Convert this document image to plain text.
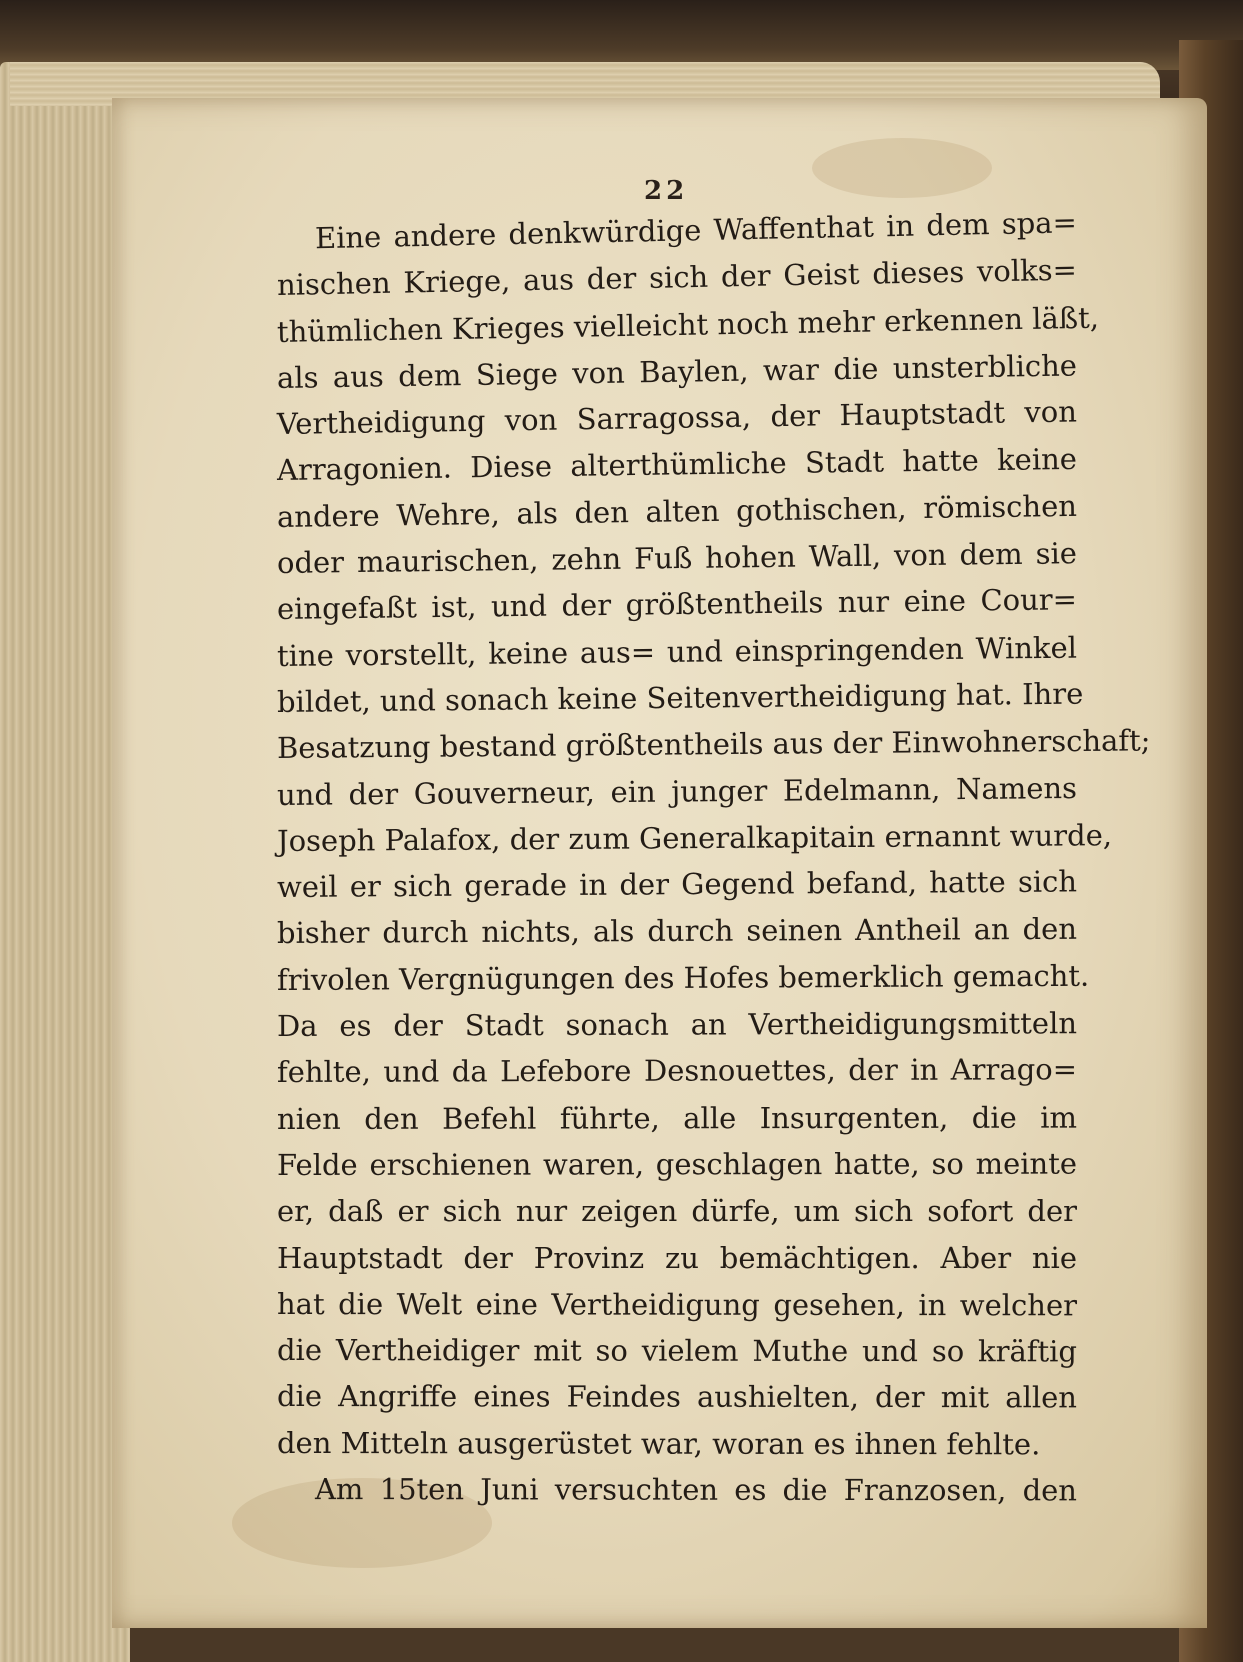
22
Eine andere denkwürdige Waffenthat in dem spa=
nischen Kriege, aus der sich der Geist dieses volks=
thümlichen Krieges vielleicht noch mehr erkennen läßt,
als aus dem Siege von Baylen, war die unsterbliche
Vertheidigung von Sarragossa, der Hauptstadt von
Arragonien. Diese alterthümliche Stadt hatte keine
andere Wehre, als den alten gothischen, römischen
oder maurischen, zehn Fuß hohen Wall, von dem sie
eingefaßt ist, und der größtentheils nur eine Cour=
tine vorstellt, keine aus= und einspringenden Winkel
bildet, und sonach keine Seitenvertheidigung hat. Ihre
Besatzung bestand größtentheils aus der Einwohnerschaft;
und der Gouverneur, ein junger Edelmann, Namens
Joseph Palafox, der zum Generalkapitain ernannt wurde,
weil er sich gerade in der Gegend befand, hatte sich
bisher durch nichts, als durch seinen Antheil an den
frivolen Vergnügungen des Hofes bemerklich gemacht.
Da es der Stadt sonach an Vertheidigungsmitteln
fehlte, und da Lefebore Desnouettes, der in Arrago=
nien den Befehl führte, alle Insurgenten, die im
Felde erschienen waren, geschlagen hatte, so meinte
er, daß er sich nur zeigen dürfe, um sich sofort der
Hauptstadt der Provinz zu bemächtigen. Aber nie
hat die Welt eine Vertheidigung gesehen, in welcher
die Vertheidiger mit so vielem Muthe und so kräftig
die Angriffe eines Feindes aushielten, der mit allen
den Mitteln ausgerüstet war, woran es ihnen fehlte.
Am 15ten Juni versuchten es die Franzosen, den
